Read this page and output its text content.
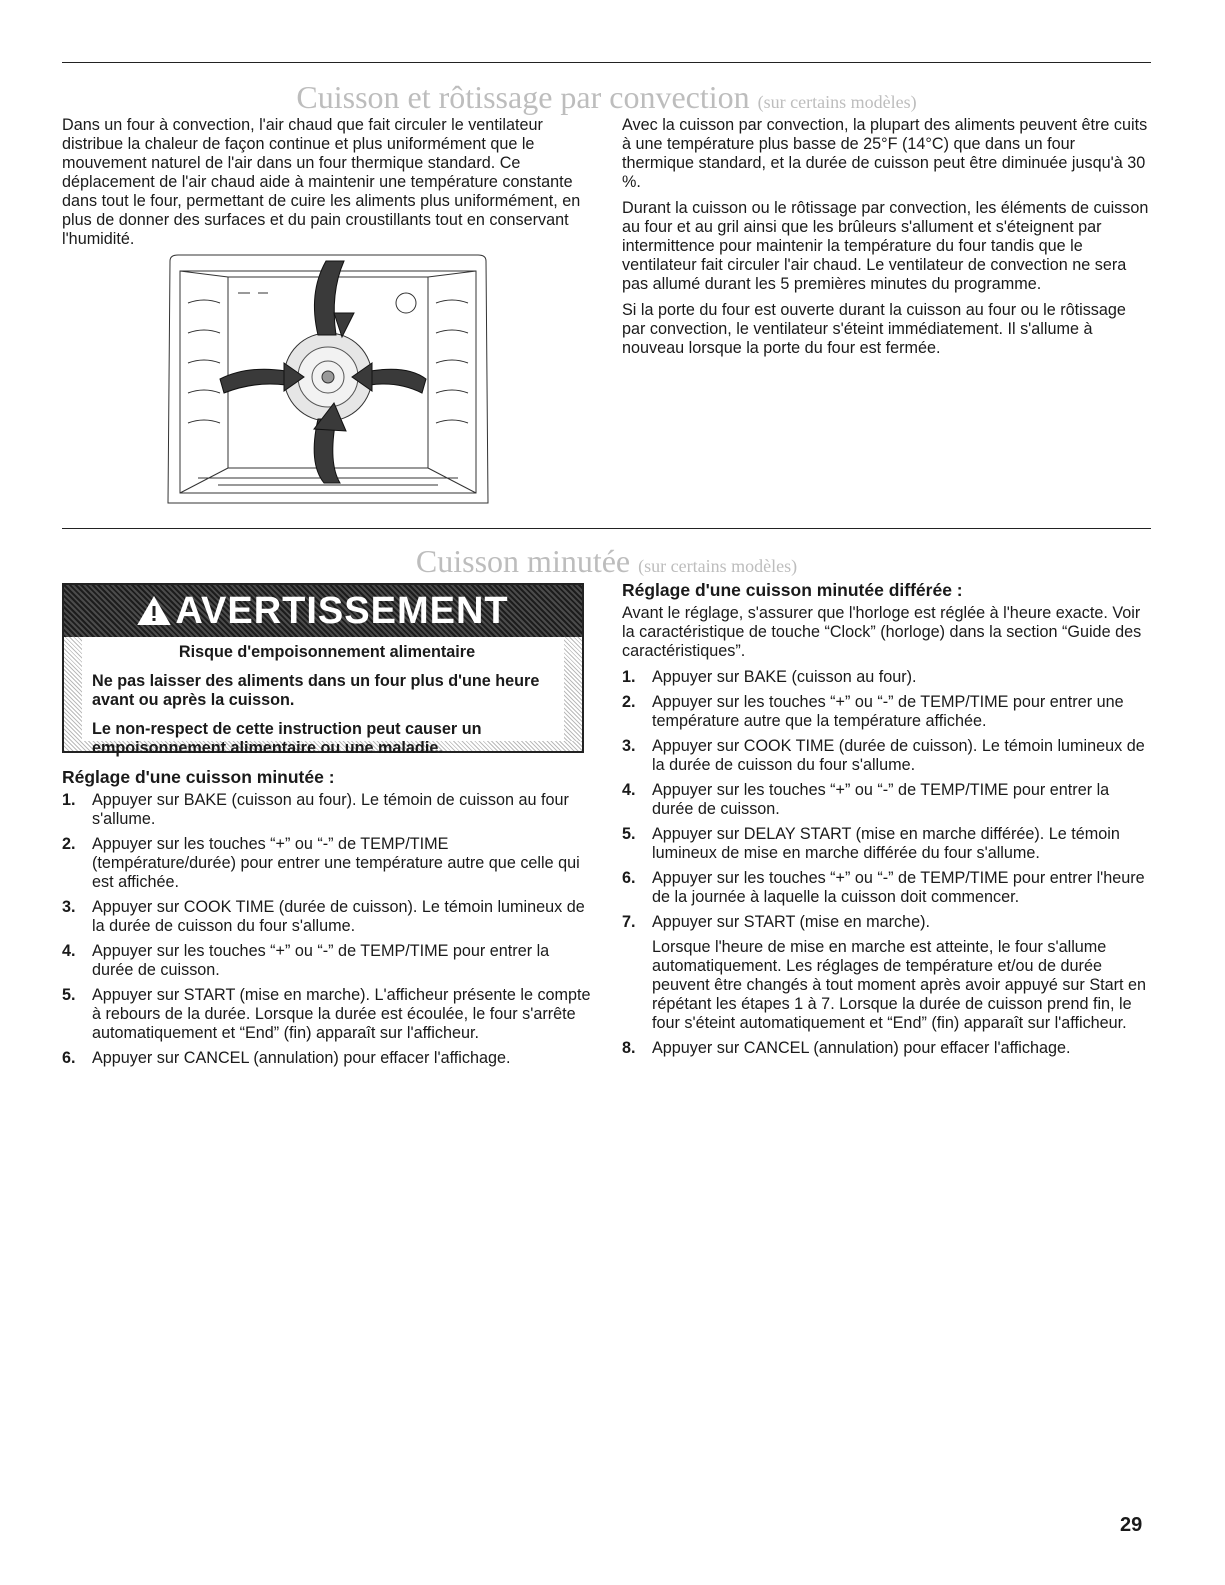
Cuisson et rôtissage par convection (sur certains modèles)

Dans un four à convection, l'air chaud que fait circuler le ventilateur distribue la chaleur de façon continue et plus uniformément que le mouvement naturel de l'air dans un four thermique standard. Ce déplacement de l'air chaud aide à maintenir une température constante dans tout le four, permettant de cuire les aliments plus uniformément, en plus de donner des surfaces et du pain croustillants tout en conservant l'humidité.

Avec la cuisson par convection, la plupart des aliments peuvent être cuits à une température plus basse de 25°F (14°C) que dans un four thermique standard, et la durée de cuisson peut être diminuée jusqu'à 30 %.

Durant la cuisson ou le rôtissage par convection, les éléments de cuisson au four et au gril ainsi que les brûleurs s'allument et s'éteignent par intermittence pour maintenir la température du four tandis que le ventilateur fait circuler l'air chaud. Le ventilateur de convection ne sera pas allumé durant les 5 premières minutes du programme.

Si la porte du four est ouverte durant la cuisson au four ou le rôtissage par convection, le ventilateur s'éteint immédiatement. Il s'allume à nouveau lorsque la porte du four est fermée.

Cuisson minutée (sur certains modèles)
AVERTISSEMENT
Risque d'empoisonnement alimentaire

Ne pas laisser des aliments dans un four plus d'une heure avant ou après la cuisson.

Le non-respect de cette instruction peut causer un empoisonnement alimentaire ou une maladie.

Réglage d'une cuisson minutée :
1. Appuyer sur BAKE (cuisson au four). Le témoin de cuisson au four s'allume.
2. Appuyer sur les touches “+” ou “-” de TEMP/TIME (température/durée) pour entrer une température autre que celle qui est affichée.
3. Appuyer sur COOK TIME (durée de cuisson). Le témoin lumineux de la durée de cuisson du four s'allume.
4. Appuyer sur les touches “+” ou “-” de TEMP/TIME pour entrer la durée de cuisson.
5. Appuyer sur START (mise en marche). L'afficheur présente le compte à rebours de la durée. Lorsque la durée est écoulée, le four s'arrête automatiquement et “End” (fin) apparaît sur l'afficheur.
6. Appuyer sur CANCEL (annulation) pour effacer l'affichage.
Réglage d'une cuisson minutée différée :

Avant le réglage, s'assurer que l'horloge est réglée à l'heure exacte. Voir la caractéristique de touche “Clock” (horloge) dans la section “Guide des caractéristiques”.

1. Appuyer sur BAKE (cuisson au four).
2. Appuyer sur les touches “+” ou “-” de TEMP/TIME pour entrer une température autre que la température affichée.
3. Appuyer sur COOK TIME (durée de cuisson). Le témoin lumineux de la durée de cuisson du four s'allume.
4. Appuyer sur les touches “+” ou “-” de TEMP/TIME pour entrer la durée de cuisson.
5. Appuyer sur DELAY START (mise en marche différée). Le témoin lumineux de mise en marche différée du four s'allume.
6. Appuyer sur les touches “+” ou “-” de TEMP/TIME pour entrer l'heure de la journée à laquelle la cuisson doit commencer.
7. Appuyer sur START (mise en marche).
Lorsque l'heure de mise en marche est atteinte, le four s'allume automatiquement. Les réglages de température et/ou de durée peuvent être changés à tout moment après avoir appuyé sur Start en répétant les étapes 1 à 7. Lorsque la durée de cuisson prend fin, le four s'éteint automatiquement et “End” (fin) apparaît sur l'afficheur.
8. Appuyer sur CANCEL (annulation) pour effacer l'affichage.
29
